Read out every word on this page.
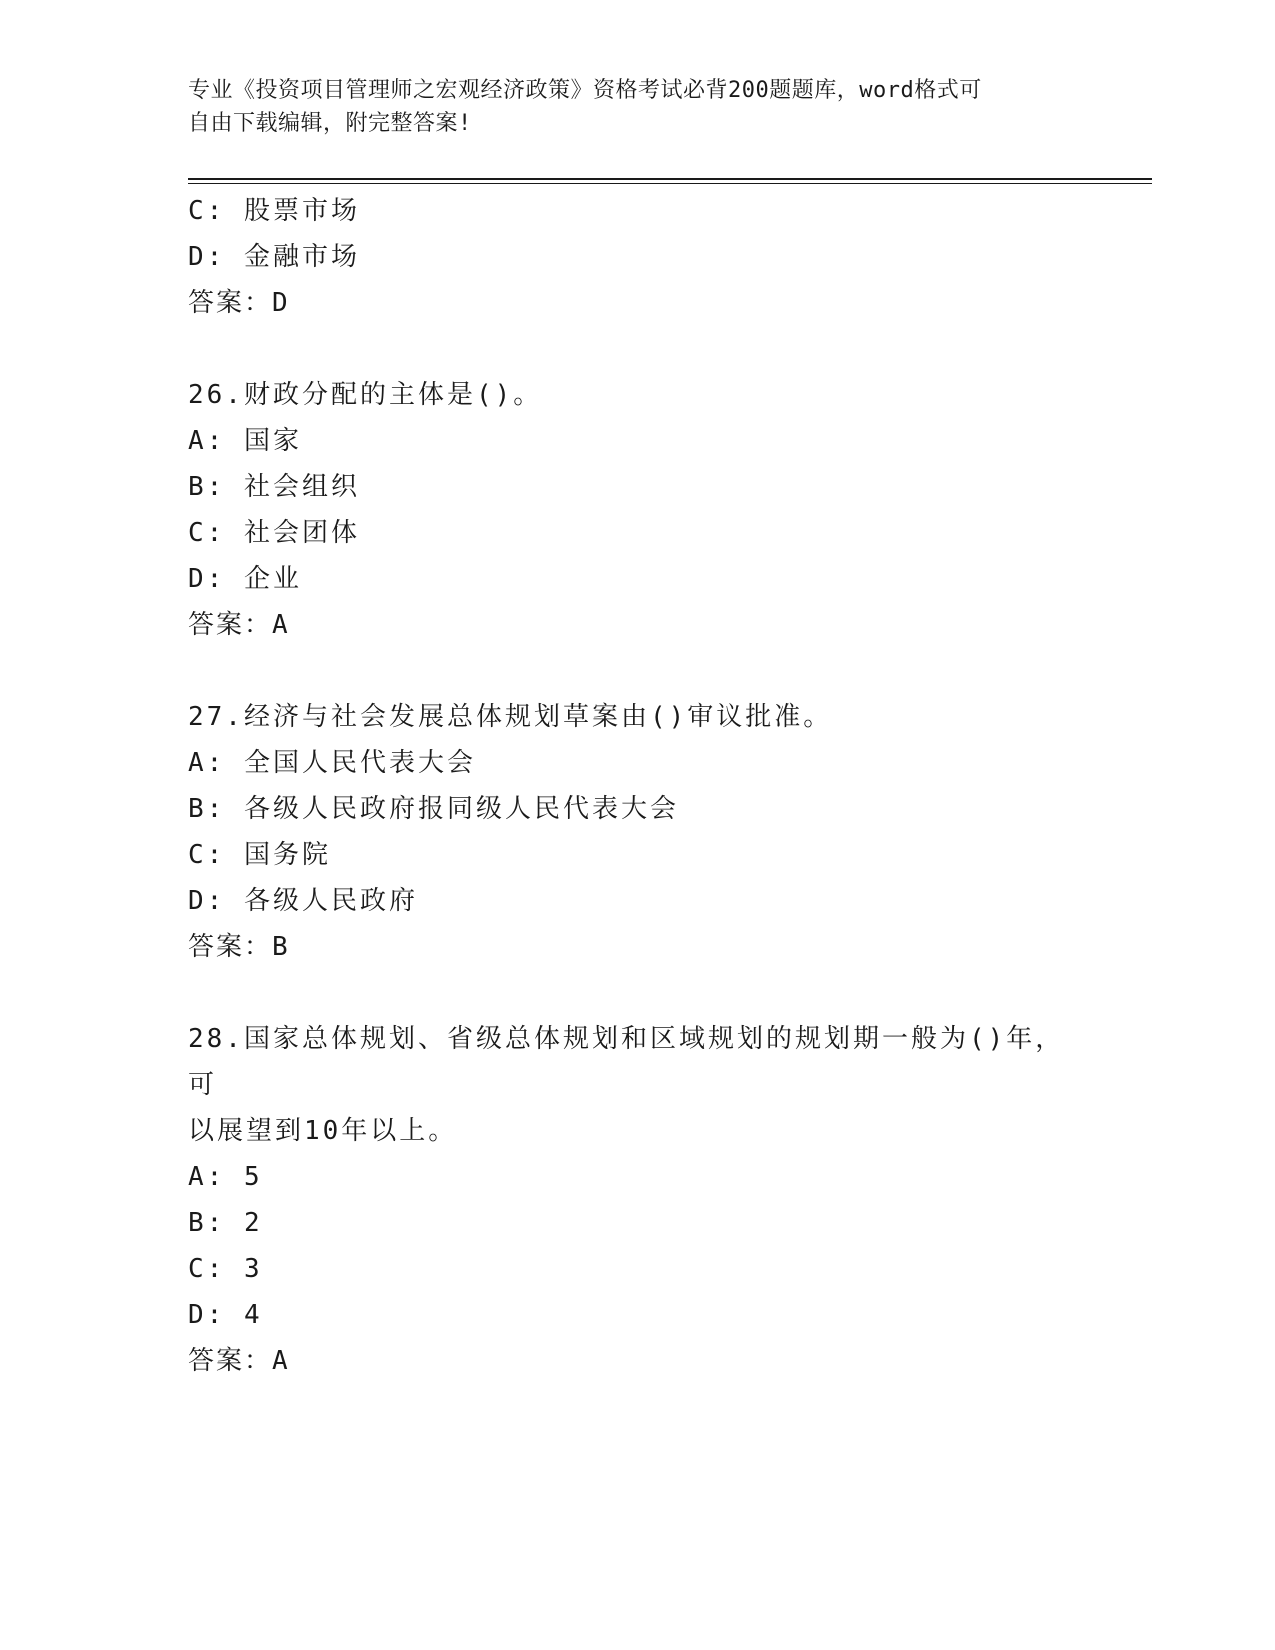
专业《投资项目管理师之宏观经济政策》资格考试必背200题题库，word格式可
自由下载编辑，附完整答案!
C: 股票市场
D: 金融市场
答案：D
26.财政分配的主体是()。
A: 国家
B: 社会组织
C: 社会团体
D: 企业
答案：A
27.经济与社会发展总体规划草案由()审议批准。
A: 全国人民代表大会
B: 各级人民政府报同级人民代表大会
C: 国务院
D: 各级人民政府
答案：B
28.国家总体规划、省级总体规划和区域规划的规划期一般为()年，可
以展望到10年以上。
A: 5
B: 2
C: 3
D: 4
答案：A
